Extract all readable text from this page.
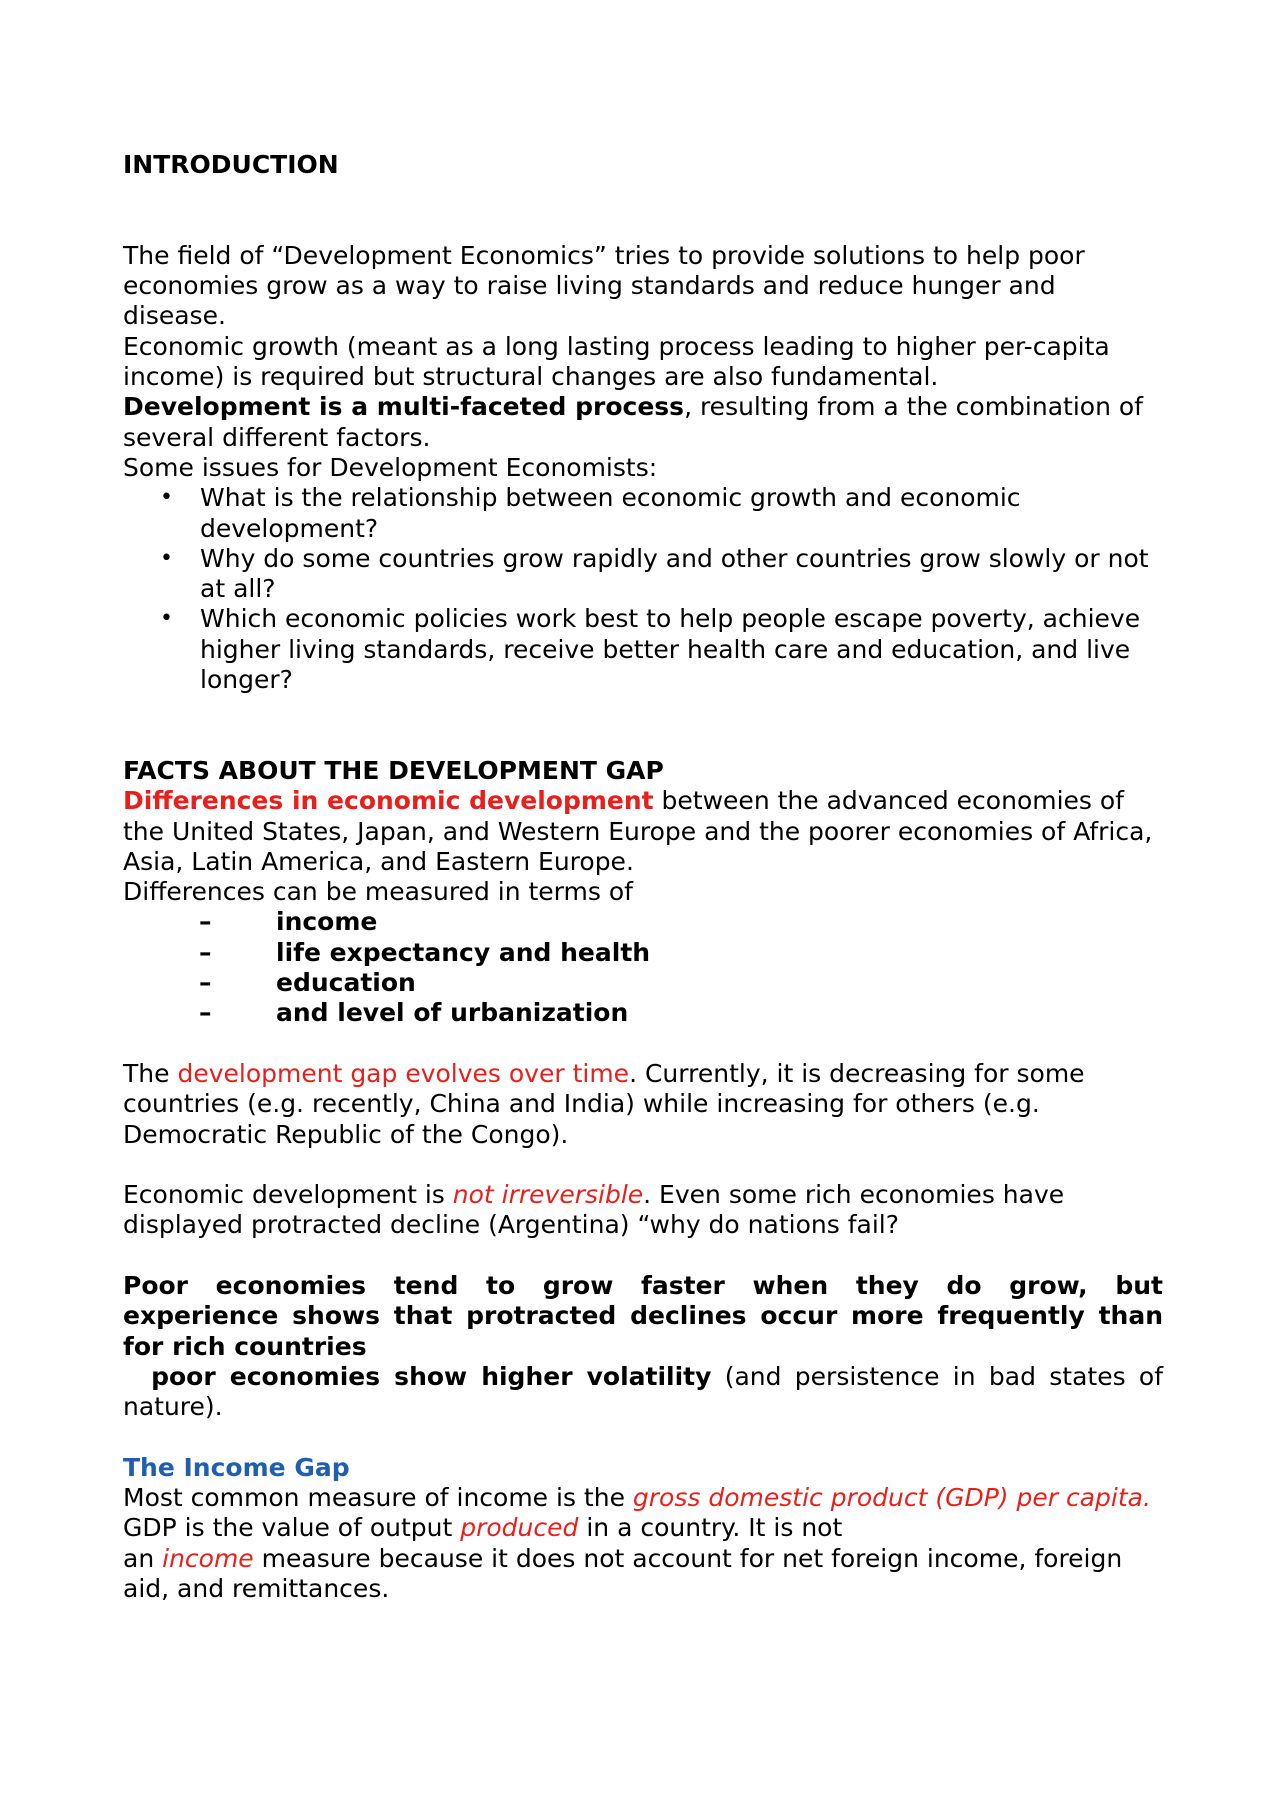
INTRODUCTION

The field of “Development Economics” tries to provide solutions to help poor economies grow as a way to raise living standards and reduce hunger and disease.

Economic growth (meant as a long lasting process leading to higher per-capita income) is required but structural changes are also fundamental.

Development is a multi-faceted process, resulting from a the combination of several different factors.

Some issues for Development Economists:

• What is the relationship between economic growth and economic development?
• Why do some countries grow rapidly and other countries grow slowly or not at all?
• Which economic policies work best to help people escape poverty, achieve higher living standards, receive better health care and education, and live longer?

FACTS ABOUT THE DEVELOPMENT GAP

Differences in economic development between the advanced economies of the United States, Japan, and Western Europe and the poorer economies of Africa, Asia, Latin America, and Eastern Europe.

Differences can be measured in terms of

–	income
–	life expectancy and health
–	education
–	and level of urbanization

The development gap evolves over time. Currently, it is decreasing for some countries (e.g. recently, China and India) while increasing for others (e.g. Democratic Republic of the Congo).

Economic development is not irreversible. Even some rich economies have displayed protracted decline (Argentina) “why do nations fail?

Poor economies tend to grow faster when they do grow, but

experience shows that protracted declines occur more frequently than for rich countries

poor economies show higher volatility (and persistence in bad states of nature).

The Income Gap

Most common measure of income is the gross domestic product (GDP) per capita.

GDP is the value of output produced in a country. It is not

an income measure because it does not account for net foreign income, foreign aid, and remittances.
